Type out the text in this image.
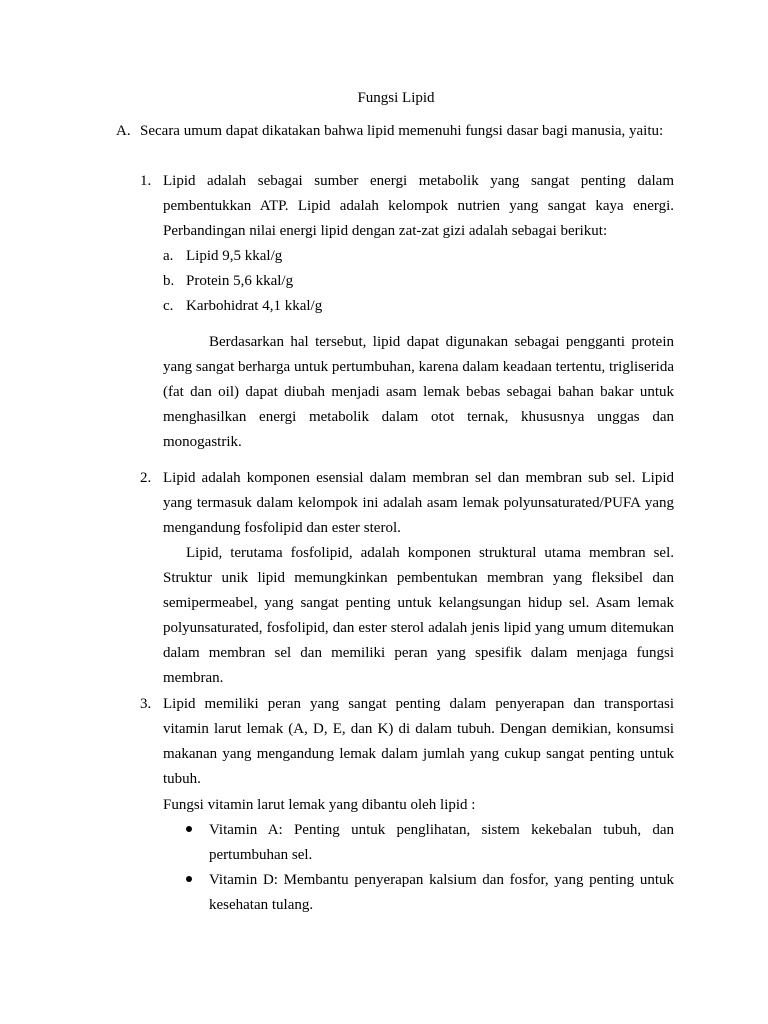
Fungsi Lipid
A. Secara umum dapat dikatakan bahwa lipid memenuhi fungsi dasar bagi manusia, yaitu:
1. Lipid adalah sebagai sumber energi metabolik yang sangat penting dalam pembentukkan ATP. Lipid adalah kelompok nutrien yang sangat kaya energi. Perbandingan nilai energi lipid dengan zat-zat gizi adalah sebagai berikut:
a. Lipid 9,5 kkal/g
b. Protein 5,6 kkal/g
c. Karbohidrat 4,1 kkal/g
Berdasarkan hal tersebut, lipid dapat digunakan sebagai pengganti protein yang sangat berharga untuk pertumbuhan, karena dalam keadaan tertentu, trigliserida (fat dan oil) dapat diubah menjadi asam lemak bebas sebagai bahan bakar untuk menghasilkan energi metabolik dalam otot ternak, khususnya unggas dan monogastrik.
2. Lipid adalah komponen esensial dalam membran sel dan membran sub sel. Lipid yang termasuk dalam kelompok ini adalah asam lemak polyunsaturated/PUFA yang mengandung fosfolipid dan ester sterol.
Lipid, terutama fosfolipid, adalah komponen struktural utama membran sel. Struktur unik lipid memungkinkan pembentukan membran yang fleksibel dan semipermeabel, yang sangat penting untuk kelangsungan hidup sel. Asam lemak polyunsaturated, fosfolipid, dan ester sterol adalah jenis lipid yang umum ditemukan dalam membran sel dan memiliki peran yang spesifik dalam menjaga fungsi membran.
3. Lipid memiliki peran yang sangat penting dalam penyerapan dan transportasi vitamin larut lemak (A, D, E, dan K) di dalam tubuh. Dengan demikian, konsumsi makanan yang mengandung lemak dalam jumlah yang cukup sangat penting untuk tubuh.
Fungsi vitamin larut lemak yang dibantu oleh lipid :
Vitamin A: Penting untuk penglihatan, sistem kekebalan tubuh, dan pertumbuhan sel.
Vitamin D: Membantu penyerapan kalsium dan fosfor, yang penting untuk kesehatan tulang.
